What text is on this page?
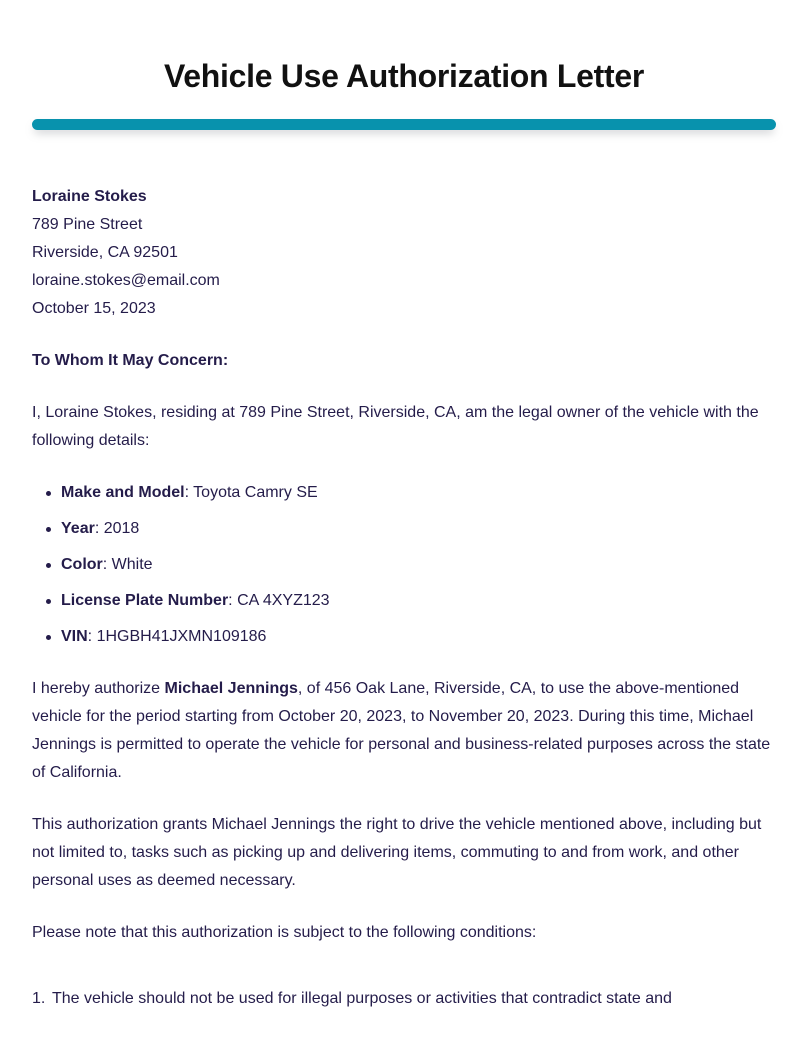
Vehicle Use Authorization Letter
Loraine Stokes
789 Pine Street
Riverside, CA 92501
loraine.stokes@email.com
October 15, 2023
To Whom It May Concern:

I, Loraine Stokes, residing at 789 Pine Street, Riverside, CA, am the legal owner of the vehicle with the following details:

Make and Model: Toyota Camry SE
Year: 2018
Color: White
License Plate Number: CA 4XYZ123
VIN: 1HGBH41JXMN109186

I hereby authorize Michael Jennings, of 456 Oak Lane, Riverside, CA, to use the above-mentioned vehicle for the period starting from October 20, 2023, to November 20, 2023. During this time, Michael Jennings is permitted to operate the vehicle for personal and business-related purposes across the state of California.

This authorization grants Michael Jennings the right to drive the vehicle mentioned above, including but not limited to, tasks such as picking up and delivering items, commuting to and from work, and other personal uses as deemed necessary.

Please note that this authorization is subject to the following conditions:

The vehicle should not be used for illegal purposes or activities that contradict state and
